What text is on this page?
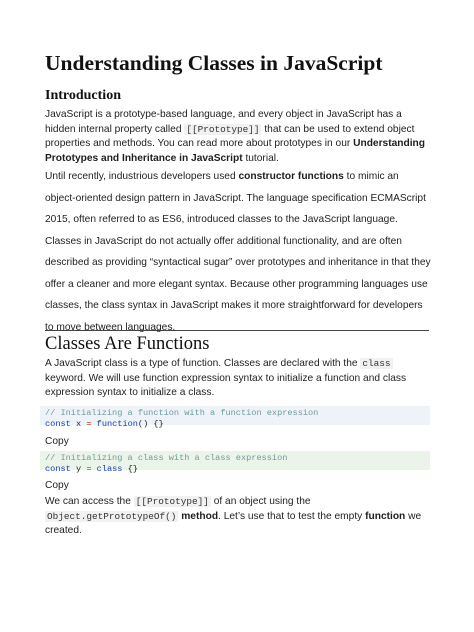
Understanding Classes in JavaScript
Introduction

JavaScript is a prototype-based language, and every object in JavaScript has a hidden internal property called [[Prototype]] that can be used to extend object properties and methods. You can read more about prototypes in our Understanding Prototypes and Inheritance in JavaScript tutorial.

Until recently, industrious developers used constructor functions to mimic an object-oriented design pattern in JavaScript. The language specification ECMAScript 2015, often referred to as ES6, introduced classes to the JavaScript language. Classes in JavaScript do not actually offer additional functionality, and are often described as providing “syntactical sugar” over prototypes and inheritance in that they offer a cleaner and more elegant syntax. Because other programming languages use classes, the class syntax in JavaScript makes it more straightforward for developers to move between languages.

Classes Are Functions

A JavaScript class is a type of function. Classes are declared with the class keyword. We will use function expression syntax to initialize a function and class expression syntax to initialize a class.

// Initializing a function with a function expression
const x = function() {}
Copy
// Initializing a class with a class expression
const y = class {}
Copy

We can access the [[Prototype]] of an object using the Object.getPrototypeOf() method. Let’s use that to test the empty function we created.
